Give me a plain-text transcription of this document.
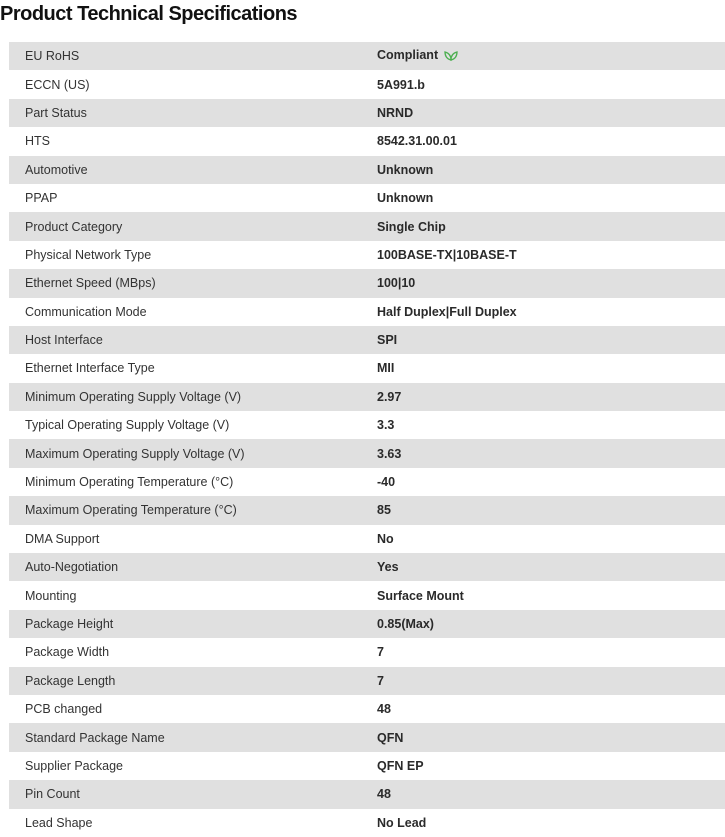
Product Technical Specifications
EU RoHS	Compliant
ECCN (US)	5A991.b
Part Status	NRND
HTS	8542.31.00.01
Automotive	Unknown
PPAP	Unknown
Product Category	Single Chip
Physical Network Type	100BASE-TX|10BASE-T
Ethernet Speed (MBps)	100|10
Communication Mode	Half Duplex|Full Duplex
Host Interface	SPI
Ethernet Interface Type	MII
Minimum Operating Supply Voltage (V)	2.97
Typical Operating Supply Voltage (V)	3.3
Maximum Operating Supply Voltage (V)	3.63
Minimum Operating Temperature (°C)	-40
Maximum Operating Temperature (°C)	85
DMA Support	No
Auto-Negotiation	Yes
Mounting	Surface Mount
Package Height	0.85(Max)
Package Width	7
Package Length	7
PCB changed	48
Standard Package Name	QFN
Supplier Package	QFN EP
Pin Count	48
Lead Shape	No Lead
